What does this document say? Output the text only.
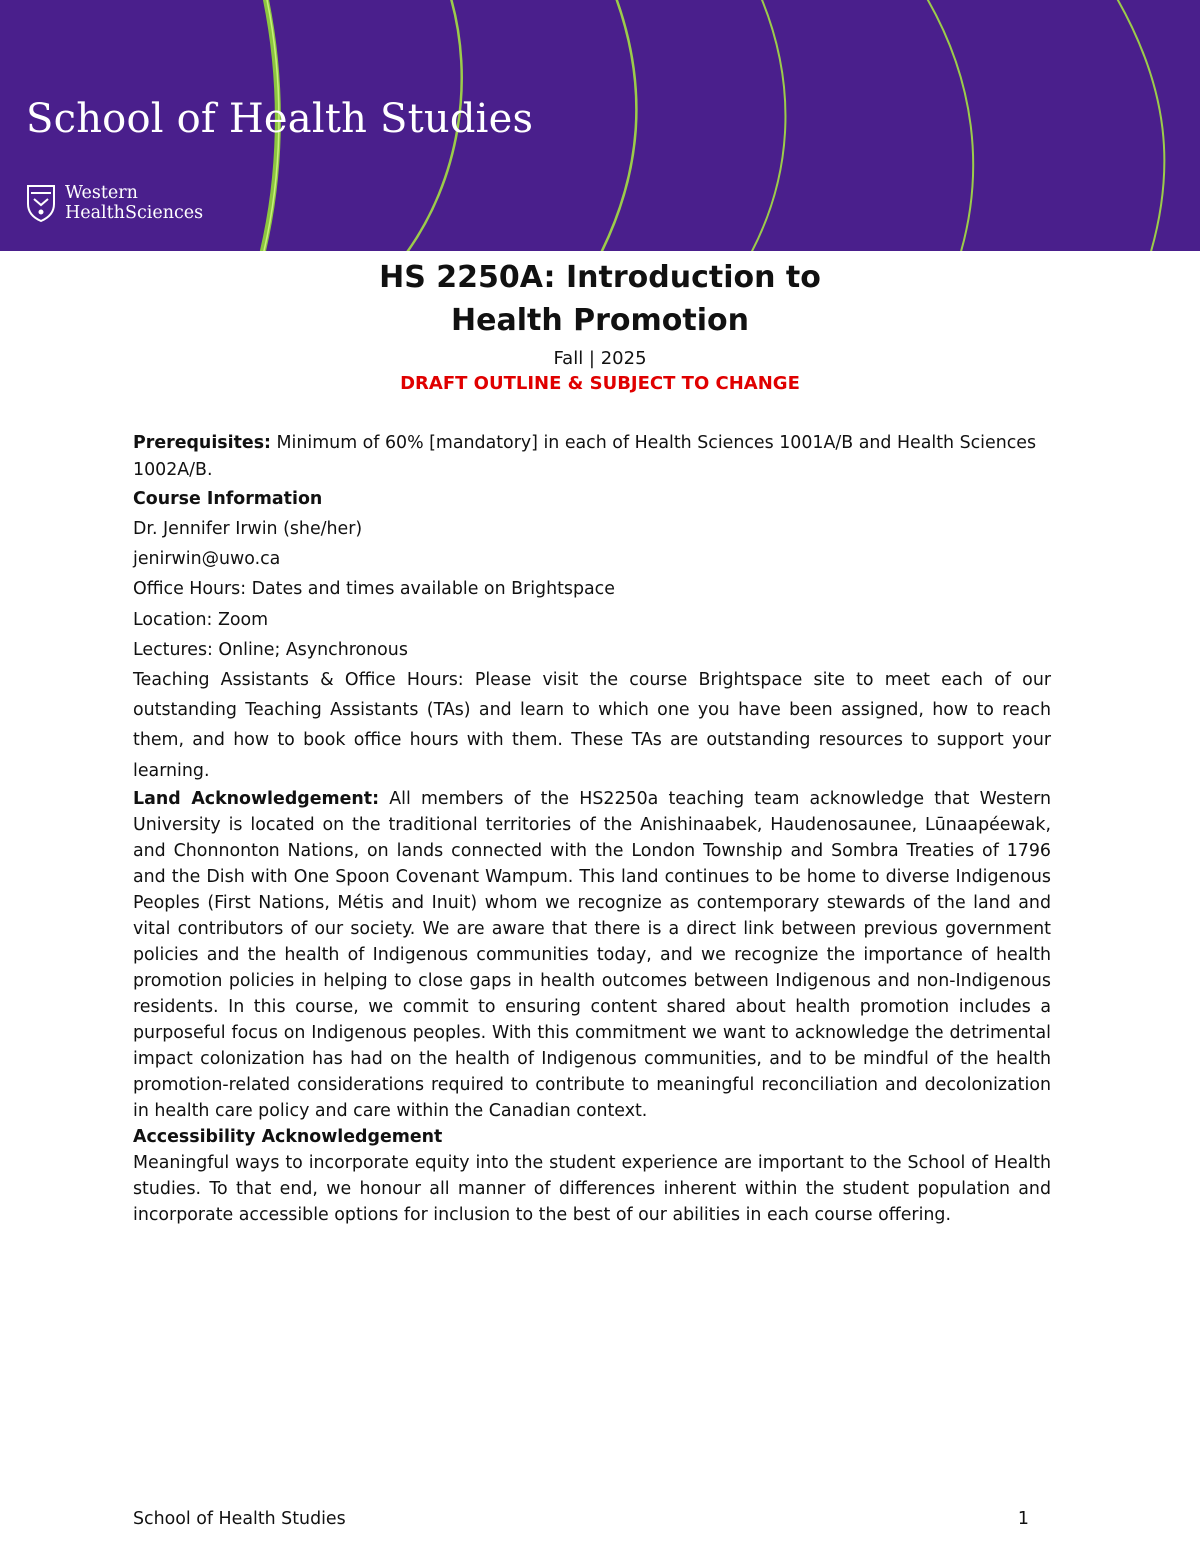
School of Health Studies
Western
HealthSciences
HS 2250A: Introduction to
Health Promotion
Fall | 2025
DRAFT OUTLINE & SUBJECT TO CHANGE

Prerequisites: Minimum of 60% [mandatory] in each of Health Sciences 1001A/B and Health Sciences 1002A/B.

Course Information

Dr. Jennifer Irwin (she/her)

jenirwin@uwo.ca

Office Hours: Dates and times available on Brightspace

Location: Zoom

Lectures: Online; Asynchronous

Teaching Assistants & Office Hours: Please visit the course Brightspace site to meet each of our outstanding Teaching Assistants (TAs) and learn to which one you have been assigned, how to reach them, and how to book office hours with them. These TAs are outstanding resources to support your learning.

Land Acknowledgement: All members of the HS2250a teaching team acknowledge that Western University is located on the traditional territories of the Anishinaabek, Haudenosaunee, Lūnaapéewak, and Chonnonton Nations, on lands connected with the London Township and Sombra Treaties of 1796 and the Dish with One Spoon Covenant Wampum. This land continues to be home to diverse Indigenous Peoples (First Nations, Métis and Inuit) whom we recognize as contemporary stewards of the land and vital contributors of our society. We are aware that there is a direct link between previous government policies and the health of Indigenous communities today, and we recognize the importance of health promotion policies in helping to close gaps in health outcomes between Indigenous and non-Indigenous residents. In this course, we commit to ensuring content shared about health promotion includes a purposeful focus on Indigenous peoples. With this commitment we want to acknowledge the detrimental impact colonization has had on the health of Indigenous communities, and to be mindful of the health promotion-related considerations required to contribute to meaningful reconciliation and decolonization in health care policy and care within the Canadian context.

Accessibility Acknowledgement

Meaningful ways to incorporate equity into the student experience are important to the School of Health studies. To that end, we honour all manner of differences inherent within the student population and incorporate accessible options for inclusion to the best of our abilities in each course offering.

School of Health Studies	1
